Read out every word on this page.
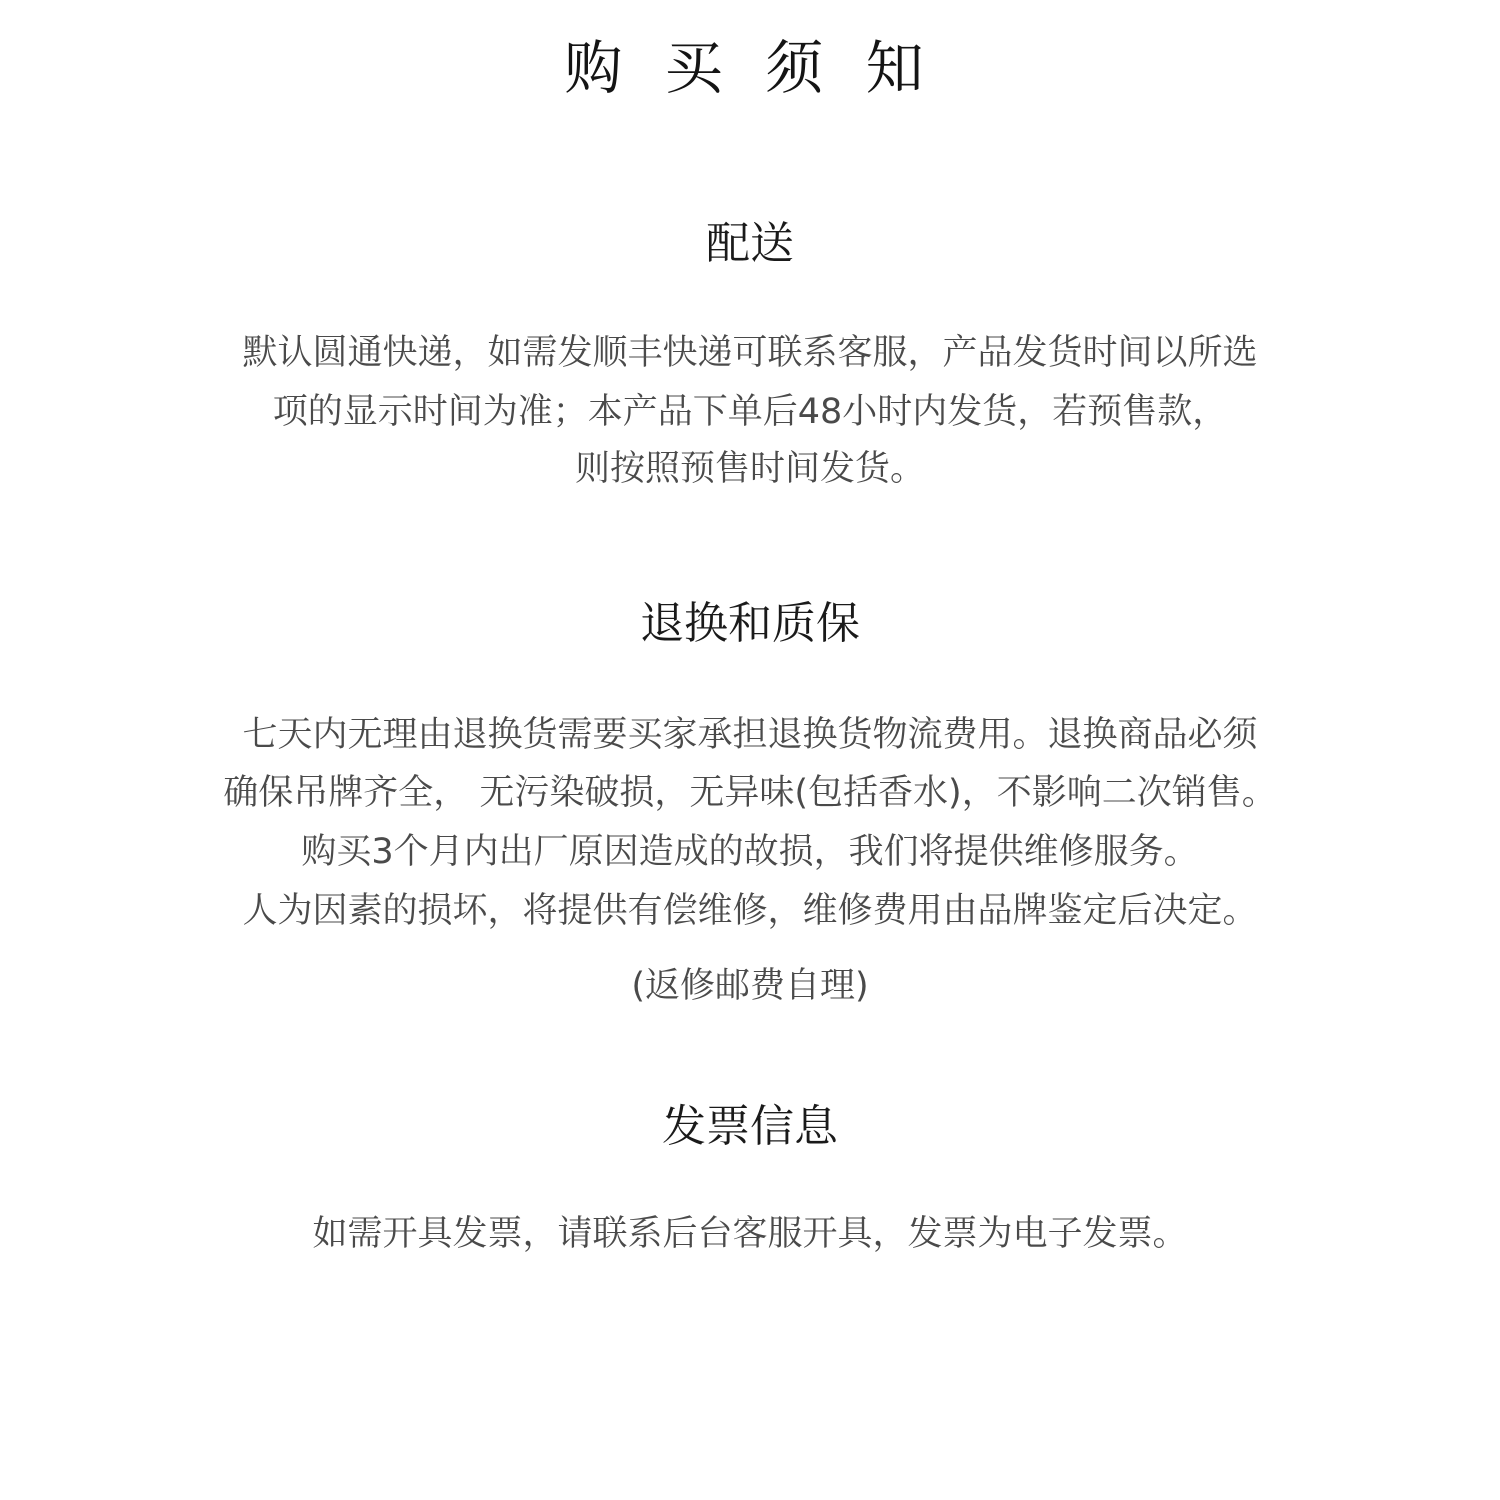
购 买 须 知
配送

默认圆通快递，如需发顺丰快递可联系客服，产品发货时间以所选

项的显示时间为准；本产品下单后48小时内发货，若预售款，

则按照预售时间发货。

退换和质保

七天内无理由退换货需要买家承担退换货物流费用。退换商品必须

确保吊牌齐全， 无污染破损，无异味(包括香水)，不影响二次销售。

购买3个月内出厂原因造成的故损，我们将提供维修服务。

人为因素的损坏，将提供有偿维修，维修费用由品牌鉴定后决定。

(返修邮费自理)

发票信息

如需开具发票，请联系后台客服开具，发票为电子发票。
